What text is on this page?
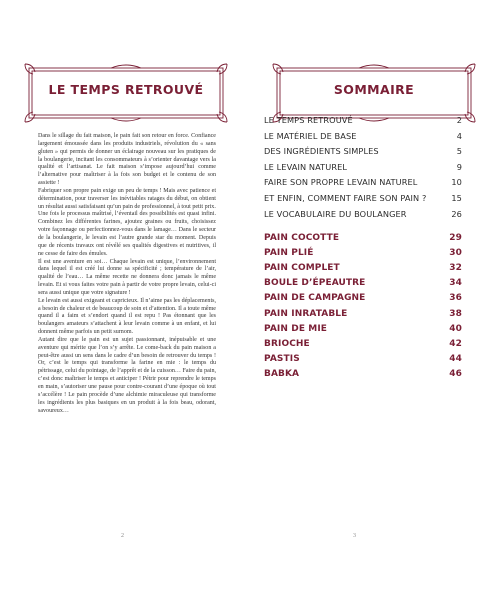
LE TEMPS RETROUVÉ

Dans le sillage du fait maison, le pain fait son retour en force. Confiance largement émoussée dans les produits industriels, révolution du « sans gluten » qui permis de donner un éclairage nouveau sur les pratiques de la boulangerie, incitant les consommateurs à s’orienter davantage vers la qualité et l’artisanat. Le fait maison s’impose aujourd’hui comme l’alternative pour maîtriser à la fois son budget et le contenu de son assiette !

Fabriquer son propre pain exige un peu de temps ! Mais avec patience et détermination, pour traverser les inévitables ratages du début, on obtient un résultat aussi satisfaisant qu’un pain de professionnel, à tout petit prix.

Une fois le processus maîtrisé, l’éventail des possibilités est quasi infini. Combinez les différentes farines, ajoutez graines ou fruits, choisissez votre façonnage ou perfectionnez-vous dans le lamage… Dans le secteur de la boulangerie, le levain est l’autre grande star du moment. Depuis que de récents travaux ont révélé ses qualités digestives et nutritives, il ne cesse de faire des émules.

Il est une aventure en soi… Chaque levain est unique, l’environnement dans lequel il est créé lui donne sa spécificité ; température de l’air, qualité de l’eau… La même recette ne donnera donc jamais le même levain. Et si vous faites votre pain à partir de votre propre levain, celui-ci sera aussi unique que votre signature !

Le levain est aussi exigeant et capricieux. Il n’aime pas les déplacements, a besoin de chaleur et de beaucoup de soin et d’attention. Il a toute même quand il a faim et s’endort quand il est repu ! Pas étonnant que les boulangers amateurs s’attachent à leur levain comme à un enfant, et lui donnent même parfois un petit surnom.

Autant dire que le pain est un sujet passionnant, inépuisable et une aventure qui mérite que l’on s’y arrête. Le come-back du pain maison a peut-être aussi un sens dans le cadre d’un besoin de retrouver du temps ! Or, c’est le temps qui transforme la farine en mie : le temps du pétrissage, celui du pointage, de l’apprêt et de la cuisson… Faire du pain, c’est donc maîtriser le temps et anticiper ! Pétrir pour reprendre le temps en main, s’autoriser une pause pour contre-courant d’une époque où tout s’accélère ! Le pain procède d’une alchimie miraculeuse qui transforme les ingrédients les plus basiques en un produit à la fois beau, odorant, savoureux…

2
SOMMAIRE
LE TEMPS RETROUVÉ	2
LE MATÉRIEL DE BASE	4
DES INGRÉDIENTS SIMPLES	5
LE LEVAIN NATUREL	9
FAIRE SON PROPRE LEVAIN NATUREL	10
ET ENFIN, COMMENT FAIRE SON PAIN ?	15
LE VOCABULAIRE DU BOULANGER	26
PAIN COCOTTE	29
PAIN PLIÉ	30
PAIN COMPLET	32
BOULE D’ÉPEAUTRE	34
PAIN DE CAMPAGNE	36
PAIN INRATABLE	38
PAIN DE MIE	40
BRIOCHE	42
PASTIS	44
BABKA	46
3
